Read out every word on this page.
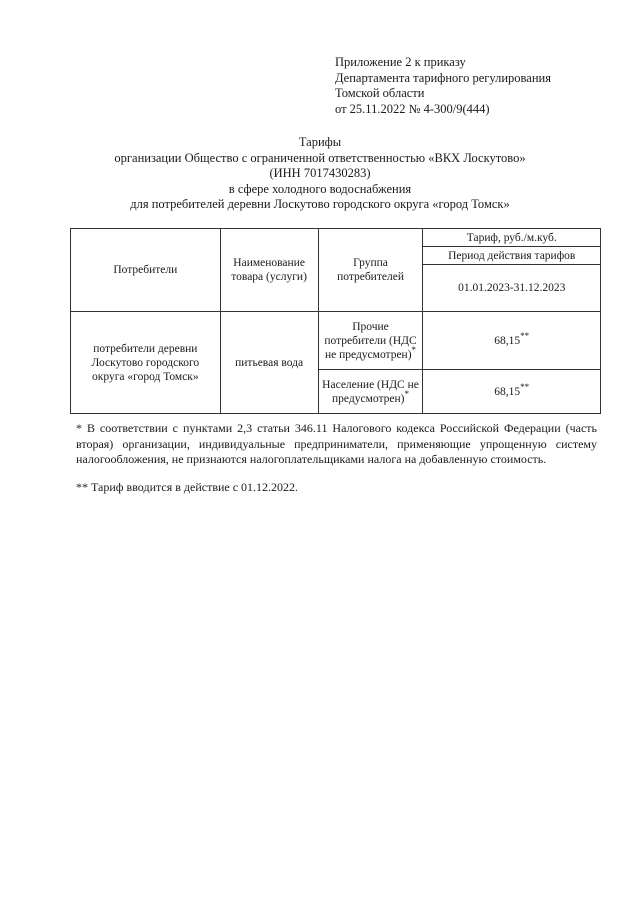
Приложение 2 к приказу
Департамента тарифного регулирования
Томской области
от 25.11.2022 № 4-300/9(444)
Тарифы
организации Общество с ограниченной ответственностью «ВКХ Лоскутово»
(ИНН 7017430283)
в сфере холодного водоснабжения
для потребителей деревни Лоскутово городского округа «город Томск»
Потребители	Наименование товара (услуги)	Группа потребителей	Тариф, руб./м.куб.
			Период действия тарифов
			01.01.2023-31.12.2023
потребители деревни Лоскутово городского округа «город Томск»	питьевая вода	Прочие потребители (НДС не предусмотрен)*	68,15**
		Население (НДС не предусмотрен)*	68,15**
* В соответствии с пунктами 2,3 статьи 346.11 Налогового кодекса Российской Федерации (часть вторая) организации, индивидуальные предприниматели, применяющие упрощенную систему налогообложения, не признаются налогоплательщиками налога на добавленную стоимость.
** Тариф вводится в действие с 01.12.2022.
